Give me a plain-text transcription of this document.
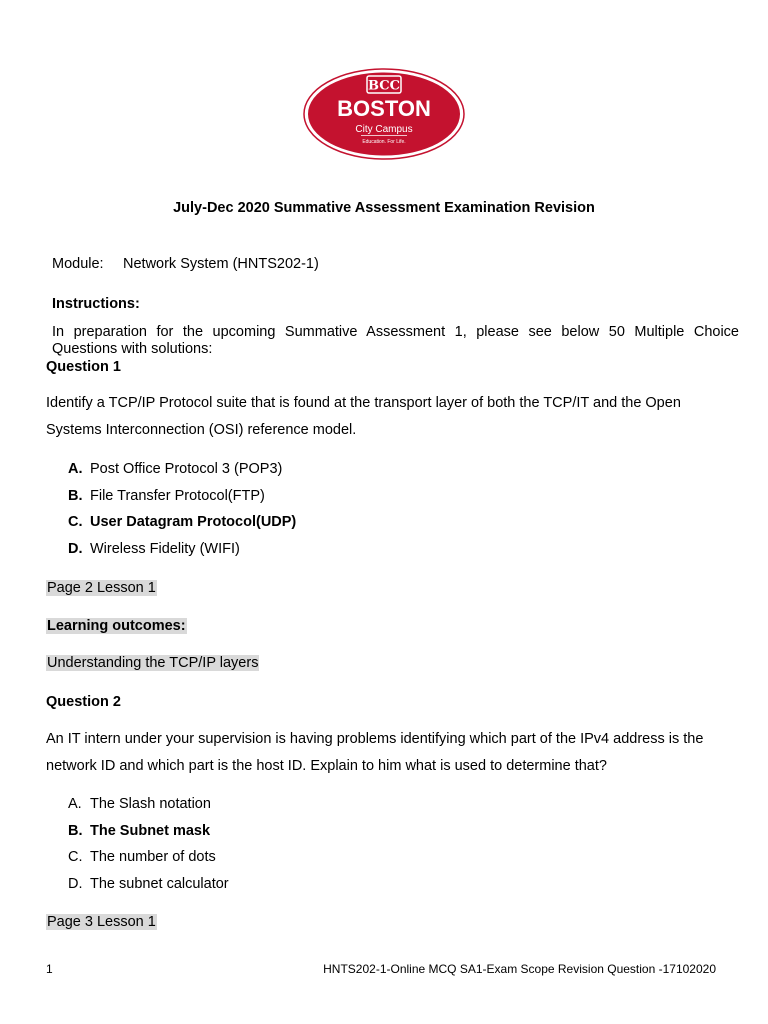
BCC
BOSTON
City Campus
Education. For Life.
July-Dec 2020 Summative Assessment Examination Revision
Module: Network System (HNTS202-1)
Instructions:
In preparation for the upcoming Summative Assessment 1, please see below 50 Multiple Choice
Questions with solutions:
Question 1
Identify a TCP/IP Protocol suite that is found at the transport layer of both the TCP/IT and the Open Systems Interconnection (OSI) reference model.
A. Post Office Protocol 3 (POP3)
B. File Transfer Protocol(FTP)
C. User Datagram Protocol(UDP)
D. Wireless Fidelity (WIFI)
Page 2 Lesson 1
Learning outcomes:
Understanding the TCP/IP layers
Question 2
An IT intern under your supervision is having problems identifying which part of the IPv4 address is the network ID and which part is the host ID. Explain to him what is used to determine that?
A. The Slash notation
B. The Subnet mask
C. The number of dots
D. The subnet calculator
Page 3 Lesson 1
1	HNTS202-1-Online MCQ SA1-Exam Scope Revision Question -17102020
